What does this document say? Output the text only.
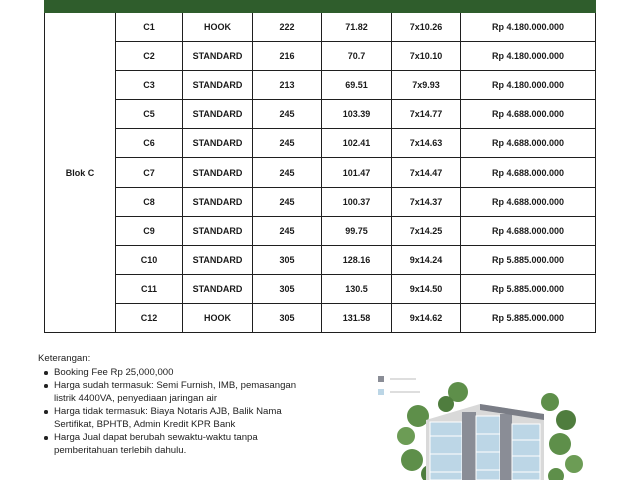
Blok C	C1	HOOK	222	71.82	7x10.26	Rp 4.180.000.000
	C2	STANDARD	216	70.7	7x10.10	Rp 4.180.000.000
	C3	STANDARD	213	69.51	7x9.93	Rp 4.180.000.000
	C5	STANDARD	245	103.39	7x14.77	Rp 4.688.000.000
	C6	STANDARD	245	102.41	7x14.63	Rp 4.688.000.000
	C7	STANDARD	245	101.47	7x14.47	Rp 4.688.000.000
	C8	STANDARD	245	100.37	7x14.37	Rp 4.688.000.000
	C9	STANDARD	245	99.75	7x14.25	Rp 4.688.000.000
	C10	STANDARD	305	128.16	9x14.24	Rp 5.885.000.000
	C11	STANDARD	305	130.5	9x14.50	Rp 5.885.000.000
	C12	HOOK	305	131.58	9x14.62	Rp 5.885.000.000
Keterangan:
Booking Fee Rp 25,000,000
Harga sudah termasuk: Semi Furnish, IMB, pemasangan listrik 4400VA, penyediaan jaringan air
Harga tidak termasuk: Biaya Notaris AJB, Balik Nama Sertifikat, BPHTB, Admin Kredit KPR Bank
Harga Jual dapat berubah sewaktu-waktu tanpa pemberitahuan terlebih dahulu.
